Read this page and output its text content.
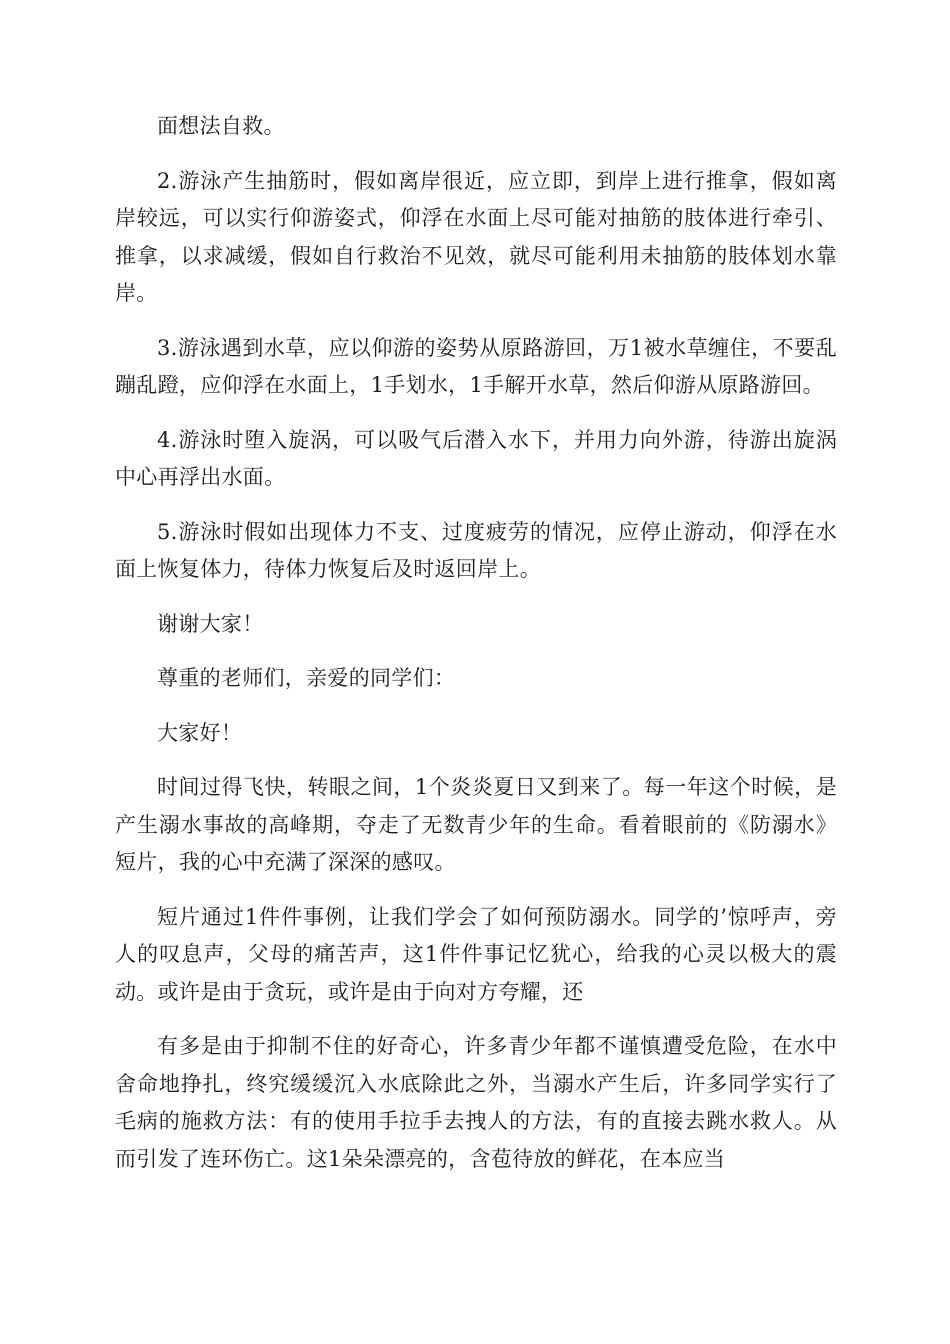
面想法自救。

2.游泳产生抽筋时，假如离岸很近，应立即，到岸上进行推拿，假如离岸较远，可以实行仰游姿式，仰浮在水面上尽可能对抽筋的肢体进行牵引、推拿，以求减缓，假如自行救治不见效，就尽可能利用未抽筋的肢体划水靠岸。

3.游泳遇到水草，应以仰游的姿势从原路游回，万1被水草缠住，不要乱蹦乱蹬，应仰浮在水面上，1手划水，1手解开水草，然后仰游从原路游回。

4.游泳时堕入旋涡，可以吸气后潜入水下，并用力向外游，待游出旋涡中心再浮出水面。

5.游泳时假如出现体力不支、过度疲劳的情况，应停止游动，仰浮在水面上恢复体力，待体力恢复后及时返回岸上。

谢谢大家！

尊重的老师们，亲爱的同学们：

大家好！

时间过得飞快，转眼之间，1个炎炎夏日又到来了。每一年这个时候，是产生溺水事故的高峰期，夺走了无数青少年的生命。看着眼前的《防溺水》短片，我的心中充满了深深的感叹。

短片通过1件件事例，让我们学会了如何预防溺水。同学的’惊呼声，旁人的叹息声，父母的痛苦声，这1件件事记忆犹心，给我的心灵以极大的震动。或许是由于贪玩，或许是由于向对方夸耀，还

有多是由于抑制不住的好奇心，许多青少年都不谨慎遭受危险，在水中舍命地挣扎，终究缓缓沉入水底除此之外，当溺水产生后，许多同学实行了毛病的施救方法：有的使用手拉手去拽人的方法，有的直接去跳水救人。从而引发了连环伤亡。这1朵朵漂亮的，含苞待放的鲜花，在本应当
